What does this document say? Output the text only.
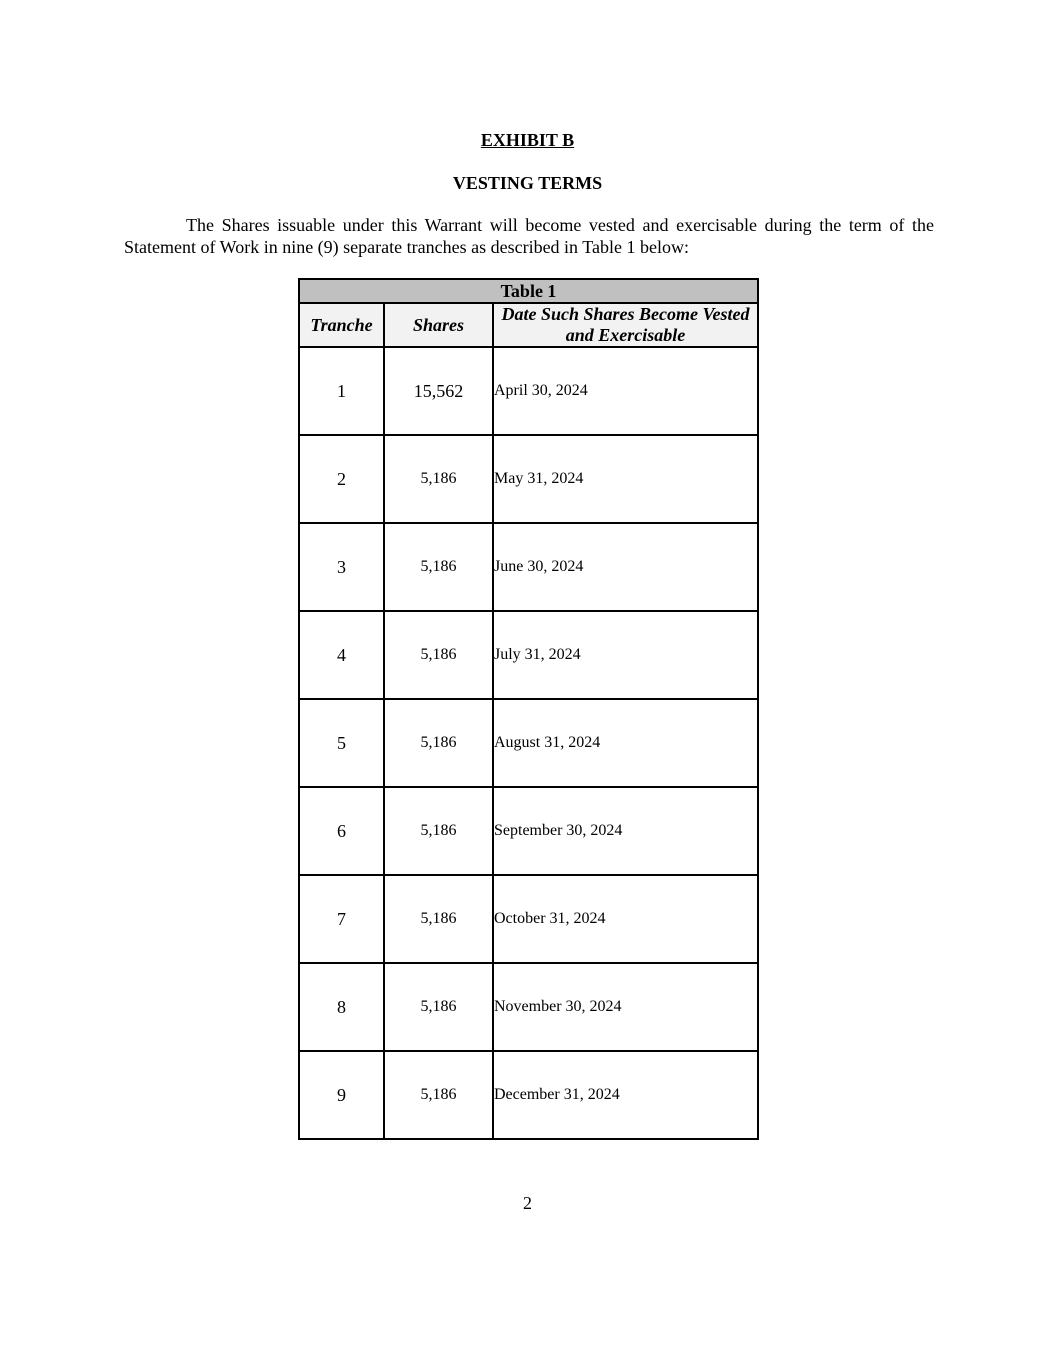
EXHIBIT B
VESTING TERMS
The Shares issuable under this Warrant will become vested and exercisable during the term of the Statement of Work in nine (9) separate tranches as described in Table 1 below:
Table 1		
Tranche	Shares	Date Such Shares Become Vested and Exercisable
1	15,562	April 30, 2024
2	5,186	May 31, 2024
3	5,186	June 30, 2024
4	5,186	July 31, 2024
5	5,186	August 31, 2024
6	5,186	September 30, 2024
7	5,186	October 31, 2024
8	5,186	November 30, 2024
9	5,186	December 31, 2024
2
